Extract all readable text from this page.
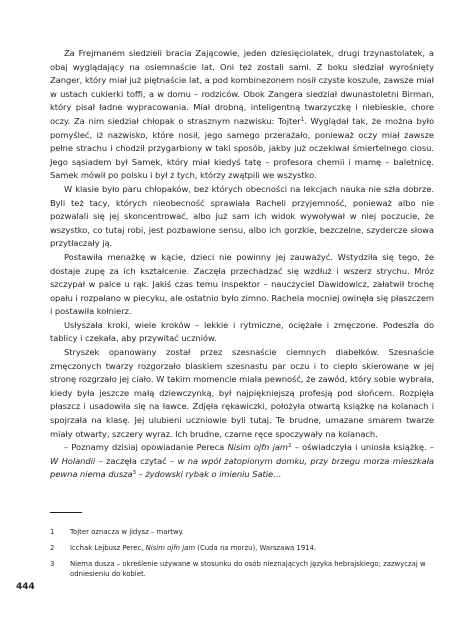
Za Frejmanem siedzieli bracia Zając​owie, jeden dziesięciolatek, drugi trzynastolatek, a obaj wyglądający na osiemnaście lat. Oni też zostali sami. Z boku siedział wyrośnięty Zanger, który miał już piętnaście lat, a pod kombinezonem nosił czyste koszule, zawsze miał w ustach cukierki toffi, a w domu – rodziców. Obok Zangera siedział dwunastoletni Birman, który pisał ładne wypracowania. Miał drobną, inteligentną twarzyczkę i niebieskie, chore oczy. Za nim siedział chłopak o strasznym nazwisku: Tojter$^1$. Wyglądał tak, że można było pomyśleć, iż nazwisko, które nosił, jego samego przerażało, ponieważ oczy miał zawsze pełne strachu i chodził przygarbiony w taki sposób, jakby już oczekiwał śmiertelnego ciosu. Jego sąsiadem był Samek, który miał kiedyś tatę – profesora chemii i mamę – baletnicę. Samek mówił po polsku i był z tych, którzy zwątpili we wszystko.

W klasie było paru chłopaków, bez których obecności na lekcjach nauka nie szła dobrze. Byli też tacy, których nieobecność sprawiała Racheli przyjemność, ponieważ albo nie pozwalali się jej skoncentrować, albo już sam ich widok wywoływał w niej poczucie, że wszystko, co tutaj robi, jest pozbawione sensu, albo ich gorzkie, bezczelne, szydercze słowa przytłaczały ją.

Postawiła menażkę w kącie, dzieci nie powinny jej zauważyć. Wstydziła się tego, że dostaje zupę za ich kształcenie. Zaczęła przechadzać się wzdłuż i wszerz strychu. Mróz szczypał w palce u rąk. Jakiś czas temu inspektor – nauczyciel Dawidowicz, załatwił trochę opału i rozpalano w piecyku, ale ostatnio było zimno. Rachela mocniej owinęła się płaszczem i postawiła kołnierz.

Usłyszała kroki, wiele kroków – lekkie i rytmiczne, ociężałe i zmęczone. Podeszła do tablicy i czekała, aby przywitać uczniów.

Stryszek opanowany został przez szesnaście ciemnych diabełków. Szesnaście zmęczonych twarzy rozgorzało blaskiem szesnastu par oczu i to ciepło skierowane w jej stronę rozgrzało jej ciało. W takim momencie miała pewność, że zawód, który sobie wybrała, kiedy była jeszcze małą dziewczynką, był najpiękniejszą profesją pod słońcem. Rozpięła płaszcz i usadowiła się na ławce. Zdjęła rękawiczki, położyła otwartą książkę na kolanach i spojrzała na klasę. Jej ulubieni uczniowie byli tutaj. Te brudne, umazane smarem twarze miały otwarty, szczery wyraz. Ich brudne, czarne ręce spoczywały na kolanach.

– Poznamy dzisiaj opowiadanie Pereca Nisim ojfn jam$^2$ – oświadczyła i uniosła książkę. – W Holandii – zaczęła czytać – w na wpół zatopionym domku, przy brzegu morza mieszkała pewna niema dusza$^3$ – żydowski rybak o imieniu Satie…

1	Tojter oznacza w jidysz – martwy.
2	Icchak Lejbusz Perec, Nisim ojfn jam (Cuda na morzu), Warszawa 1914.
3	Niema dusza – określenie używane w stosunku do osób nieznających języka hebrajskiego; zazwyczaj w odniesieniu do kobiet.
444
